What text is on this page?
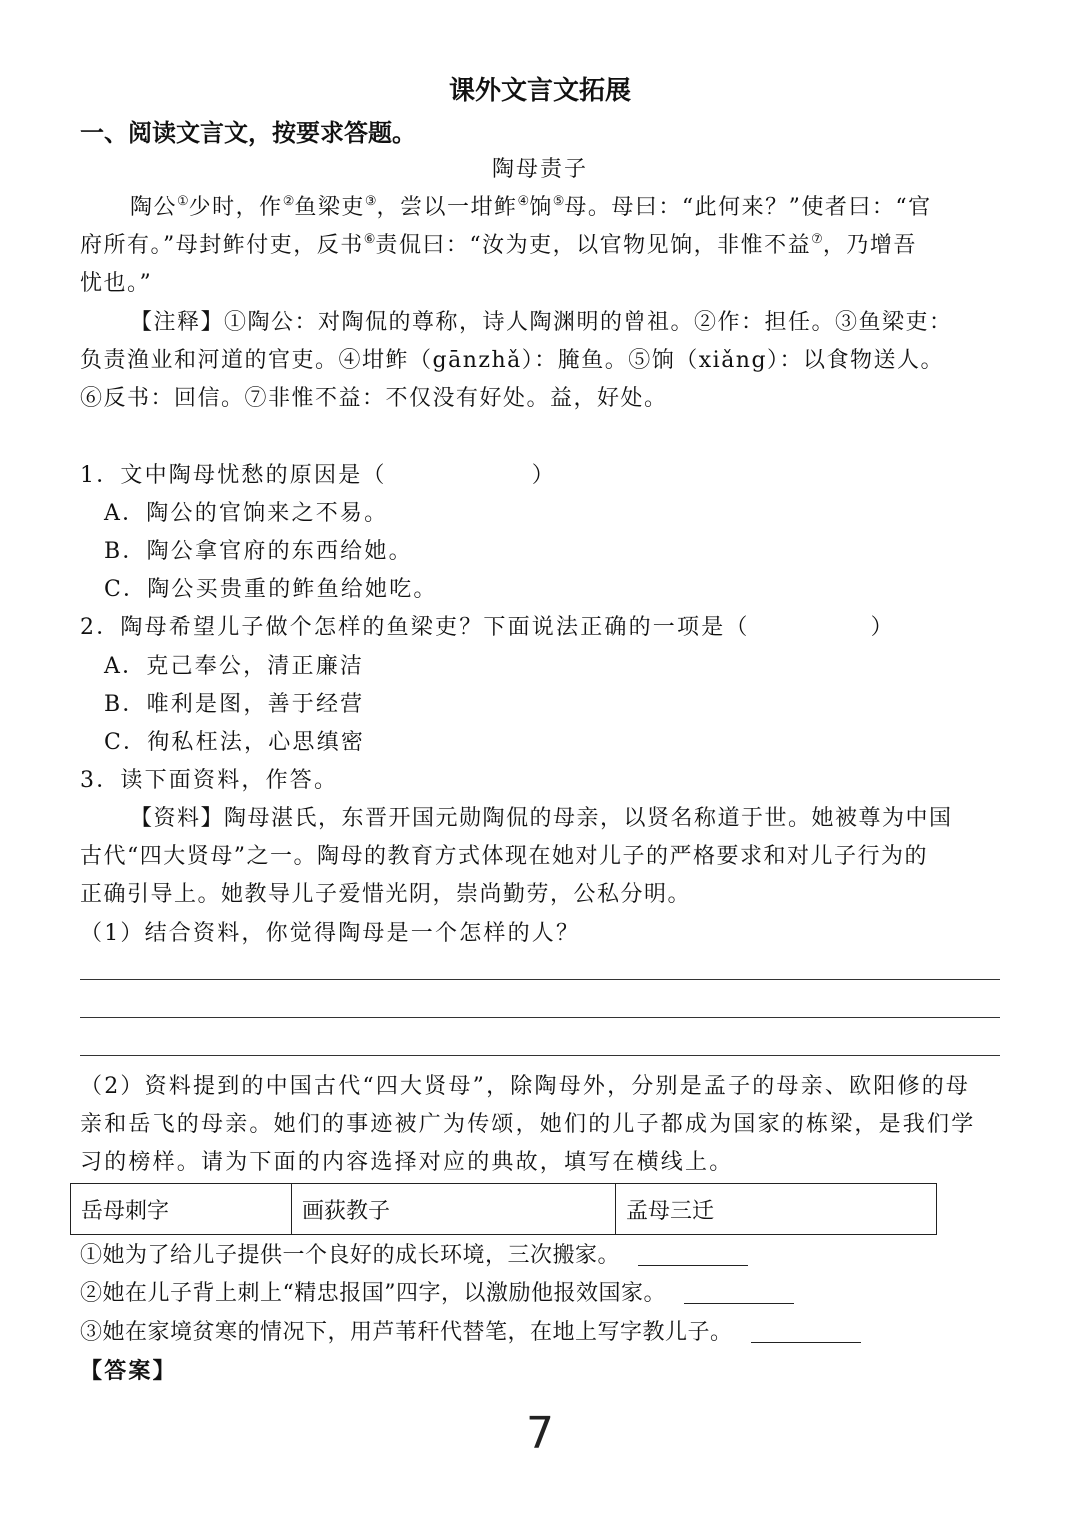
课外文言文拓展
一、阅读文言文，按要求答题。
陶母责子
陶公①少时，作②鱼梁吏③，尝以一坩鲊④饷⑤母。母曰：“此何来？”使者曰：“官
府所有。”母封鲊付吏，反书⑥责侃曰：“汝为吏，以官物见饷，非惟不益⑦，乃增吾
忧也。”
【注释】①陶公：对陶侃的尊称，诗人陶渊明的曾祖。②作：担任。③鱼梁吏：
负责渔业和河道的官吏。④坩鲊（gānzhǎ）：腌鱼。⑤饷（xiǎng）：以食物送人。
⑥反书：回信。⑦非惟不益：不仅没有好处。益，好处。
1．文中陶母忧愁的原因是（　　　　　　）
A．陶公的官饷来之不易。
B．陶公拿官府的东西给她。
C．陶公买贵重的鲊鱼给她吃。
2．陶母希望儿子做个怎样的鱼梁吏？下面说法正确的一项是（　　　　　）
A．克己奉公，清正廉洁
B．唯利是图，善于经营
C．徇私枉法，心思缜密
3．读下面资料，作答。
【资料】陶母湛氏，东晋开国元勋陶侃的母亲，以贤名称道于世。她被尊为中国
古代“四大贤母”之一。陶母的教育方式体现在她对儿子的严格要求和对儿子行为的
正确引导上。她教导儿子爱惜光阴，崇尚勤劳，公私分明。
（1）结合资料，你觉得陶母是一个怎样的人？
（2）资料提到的中国古代“四大贤母”，除陶母外，分别是孟子的母亲、欧阳修的母
亲和岳飞的母亲。她们的事迹被广为传颂，她们的儿子都成为国家的栋梁，是我们学
习的榜样。请为下面的内容选择对应的典故，填写在横线上。
岳母刺字	画荻教子	孟母三迁
①她为了给儿子提供一个良好的成长环境，三次搬家。
②她在儿子背上刺上“精忠报国”四字，以激励他报效国家。
③她在家境贫寒的情况下，用芦苇秆代替笔，在地上写字教儿子。
【答案】
7
